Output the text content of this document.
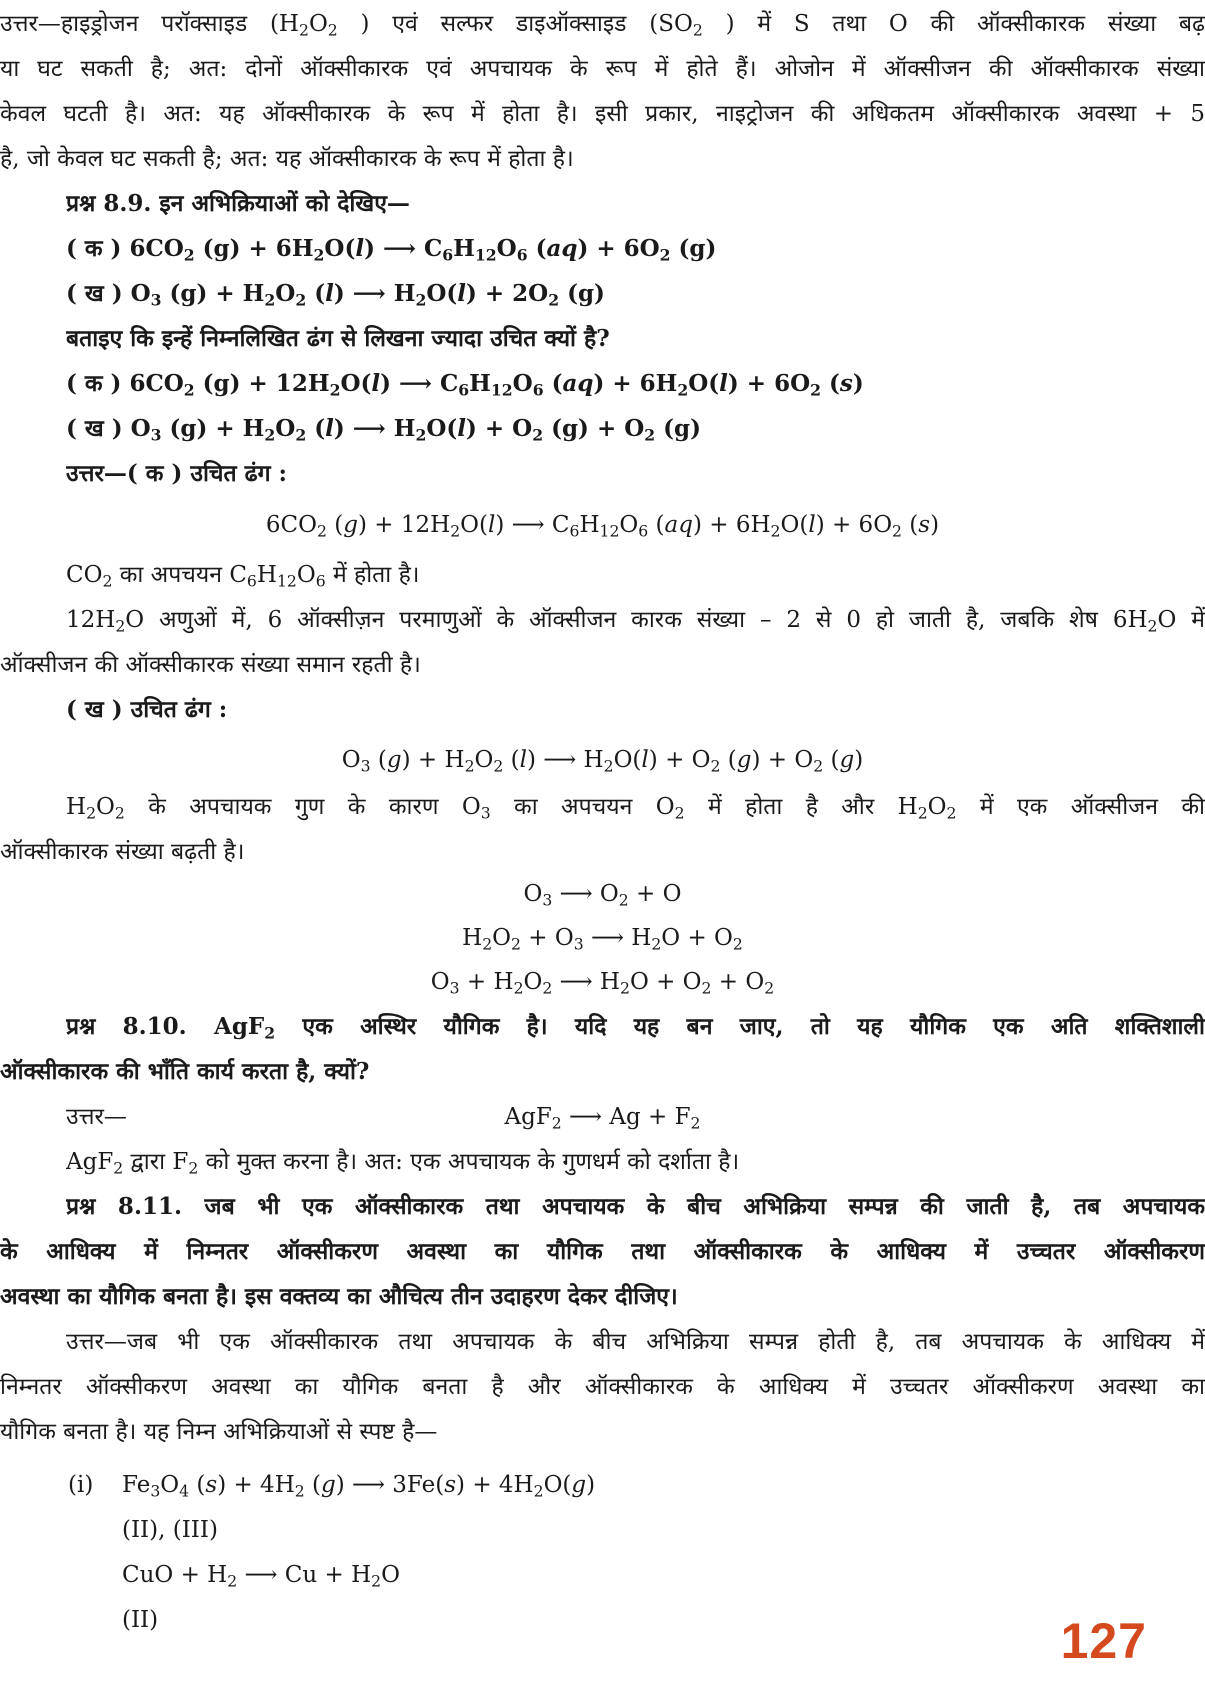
उत्तर—हाइड्रोजन परॉक्साइड ($H_2O_2$ ) एवं सल्फर डाइऑक्साइड ($SO_2$ ) में S तथा O की ऑक्सीकारक संख्या बढ़
या घट सकती है; अत: दोनों ऑक्सीकारक एवं अपचायक के रूप में होते हैं। ओजोन में ऑक्सीजन की ऑक्सीकारक संख्या
केवल घटती है। अत: यह ऑक्सीकारक के रूप में होता है। इसी प्रकार, नाइट्रोजन की अधिकतम ऑक्सीकारक अवस्था + 5
है, जो केवल घट सकती है; अत: यह ऑक्सीकारक के रूप में होता है।
प्रश्न 8.9. इन अभिक्रियाओं को देखिए—
( क ) $6CO_2$ $(g) + 6H_2O(l)$ ⟶ $C_6H_{12}O_6$ $(aq) + 6O_2$ (g)
( ख ) $O_3$ $(g) + H_2O_2$ (l) ⟶ $H_2O(l) + 2O_2$ (g)
बताइए कि इन्हें निम्नलिखित ढंग से लिखना ज्यादा उचित क्यों है?
( क ) $6CO_2$ $(g) + 12H_2O(l)$ ⟶ $C_6H_{12}O_6$ $(aq) + 6H_2O(l) + 6O_2$ (s)
( ख ) $O_3$ $(g) + H_2O_2$ (l) ⟶ $H_2O(l) + O_2$ $(g) + O_2$ (g)
उत्तर—( क ) उचित ढंग :
$6CO_2$ $(g) + 12H_2O(l)$ ⟶ $C_6H_{12}O_6$ $(aq) + 6H_2O(l) + 6O_2$ (s)
$CO_2$ का अपचयन $C_6H_{12}O_6$ में होता है।
$12H_2O$ अणुओं में, 6 ऑक्सीज़न परमाणुओं के ऑक्सीजन कारक संख्या – 2 से 0 हो जाती है, जबकि शेष $6H_2O$ में
ऑक्सीजन की ऑक्सीकारक संख्या समान रहती है।
( ख ) उचित ढंग :
$O_3$ $(g) + H_2O_2$ (l) ⟶ $H_2O(l) + O_2$ $(g) + O_2$ (g)
$H_2O_2$ के अपचायक गुण के कारण $O_3$ का अपचयन $O_2$ में होता है और $H_2O_2$ में एक ऑक्सीजन की
ऑक्सीकारक संख्या बढ़ती है।
$O_3$ ⟶ $O_2 + O$
$H_2O_2 + O_3$ ⟶ $H_2O + O_2$
$O_3 + H_2O_2$ ⟶ $H_2O + O_2 + O_2$
प्रश्न 8.10. AgF$_2$ एक अस्थिर यौगिक है। यदि यह बन जाए, तो यह यौगिक एक अति शक्तिशाली
ऑक्सीकारक की भाँति कार्य करता है, क्यों?
उत्तर—	AgF$_2$ ⟶ $Ag + F_2$
AgF$_2$ द्वारा $F_2$ को मुक्त करना है। अत: एक अपचायक के गुणधर्म को दर्शाता है।
प्रश्न 8.11. जब भी एक ऑक्सीकारक तथा अपचायक के बीच अभिक्रिया सम्पन्न की जाती है, तब अपचायक
के आधिक्य में निम्नतर ऑक्सीकरण अवस्था का यौगिक तथा ऑक्सीकारक के आधिक्य में उच्चतर ऑक्सीकरण
अवस्था का यौगिक बनता है। इस वक्तव्य का औचित्य तीन उदाहरण देकर दीजिए।
उत्तर—जब भी एक ऑक्सीकारक तथा अपचायक के बीच अभिक्रिया सम्पन्न होती है, तब अपचायक के आधिक्य में
निम्नतर ऑक्सीकरण अवस्था का यौगिक बनता है और ऑक्सीकारक के आधिक्य में उच्चतर ऑक्सीकरण अवस्था का
यौगिक बनता है। यह निम्न अभिक्रियाओं से स्पष्ट है—
(i)	$Fe_3O_4$ $(s) + 4H_2$ (g) ⟶ $3Fe(s) + 4H_2O(g)$
(II), (III)
CuO + $H_2$ ⟶ $Cu + H_2O$
(II)	127
